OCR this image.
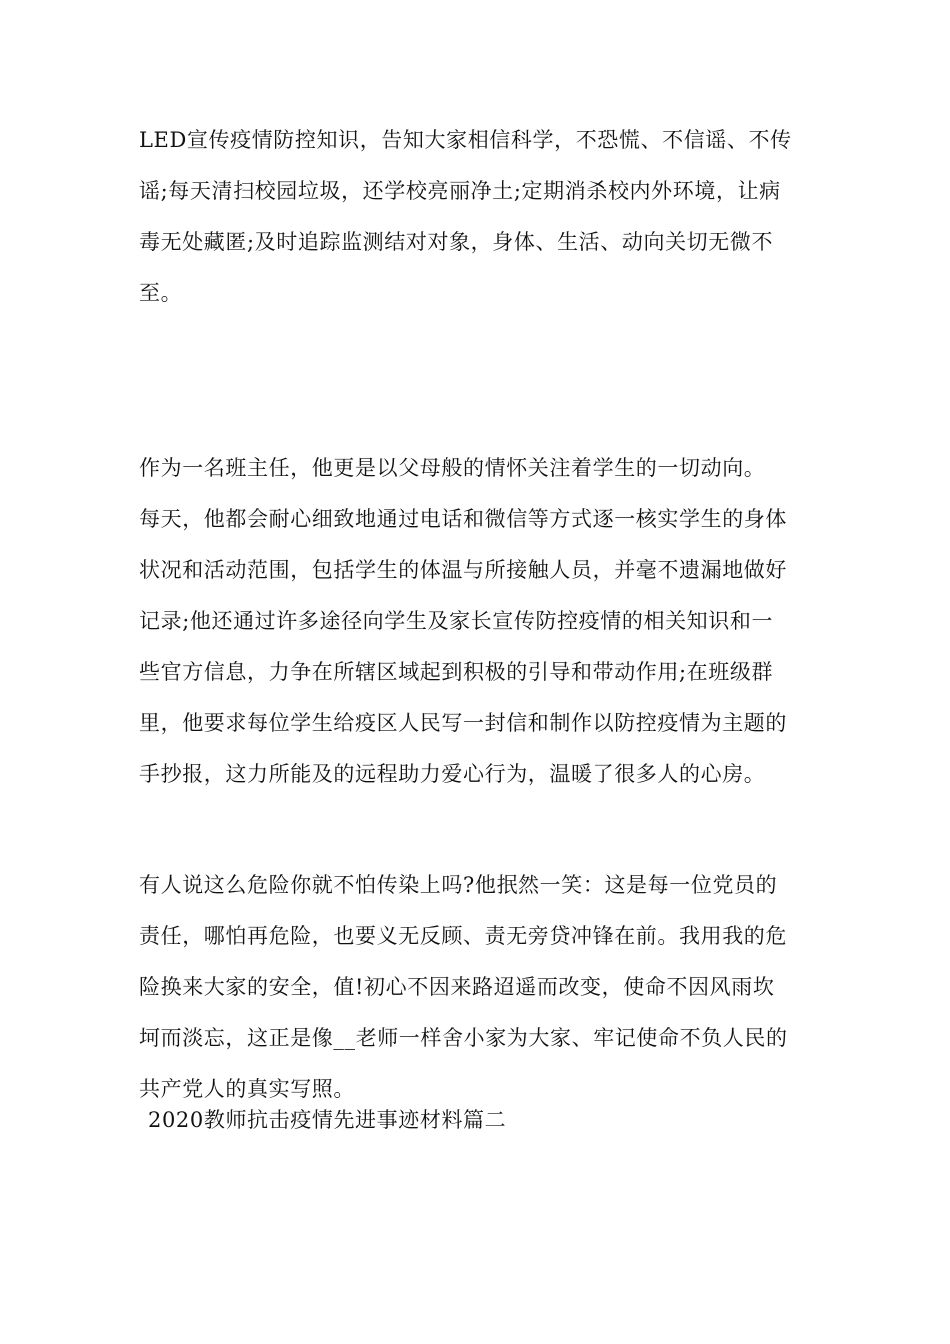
LED宣传疫情防控知识，告知大家相信科学，不恐慌、不信谣、不传
谣;每天清扫校园垃圾，还学校亮丽净土;定期消杀校内外环境，让病
毒无处藏匿;及时追踪监测结对对象，身体、生活、动向关切无微不
至。

作为一名班主任，他更是以父母般的情怀关注着学生的一切动向。
每天，他都会耐心细致地通过电话和微信等方式逐一核实学生的身体
状况和活动范围，包括学生的体温与所接触人员，并毫不遗漏地做好
记录;他还通过许多途径向学生及家长宣传防控疫情的相关知识和一
些官方信息，力争在所辖区域起到积极的引导和带动作用;在班级群
里，他要求每位学生给疫区人民写一封信和制作以防控疫情为主题的
手抄报，这力所能及的远程助力爱心行为，温暖了很多人的心房。

有人说这么危险你就不怕传染上吗?他抿然一笑：这是每一位党员的
责任，哪怕再危险，也要义无反顾、责无旁贷冲锋在前。我用我的危
险换来大家的安全，值!初心不因来路迢遥而改变，使命不因风雨坎
坷而淡忘，这正是像__老师一样舍小家为大家、牢记使命不负人民的
共产党人的真实写照。

2020教师抗击疫情先进事迹材料篇二
